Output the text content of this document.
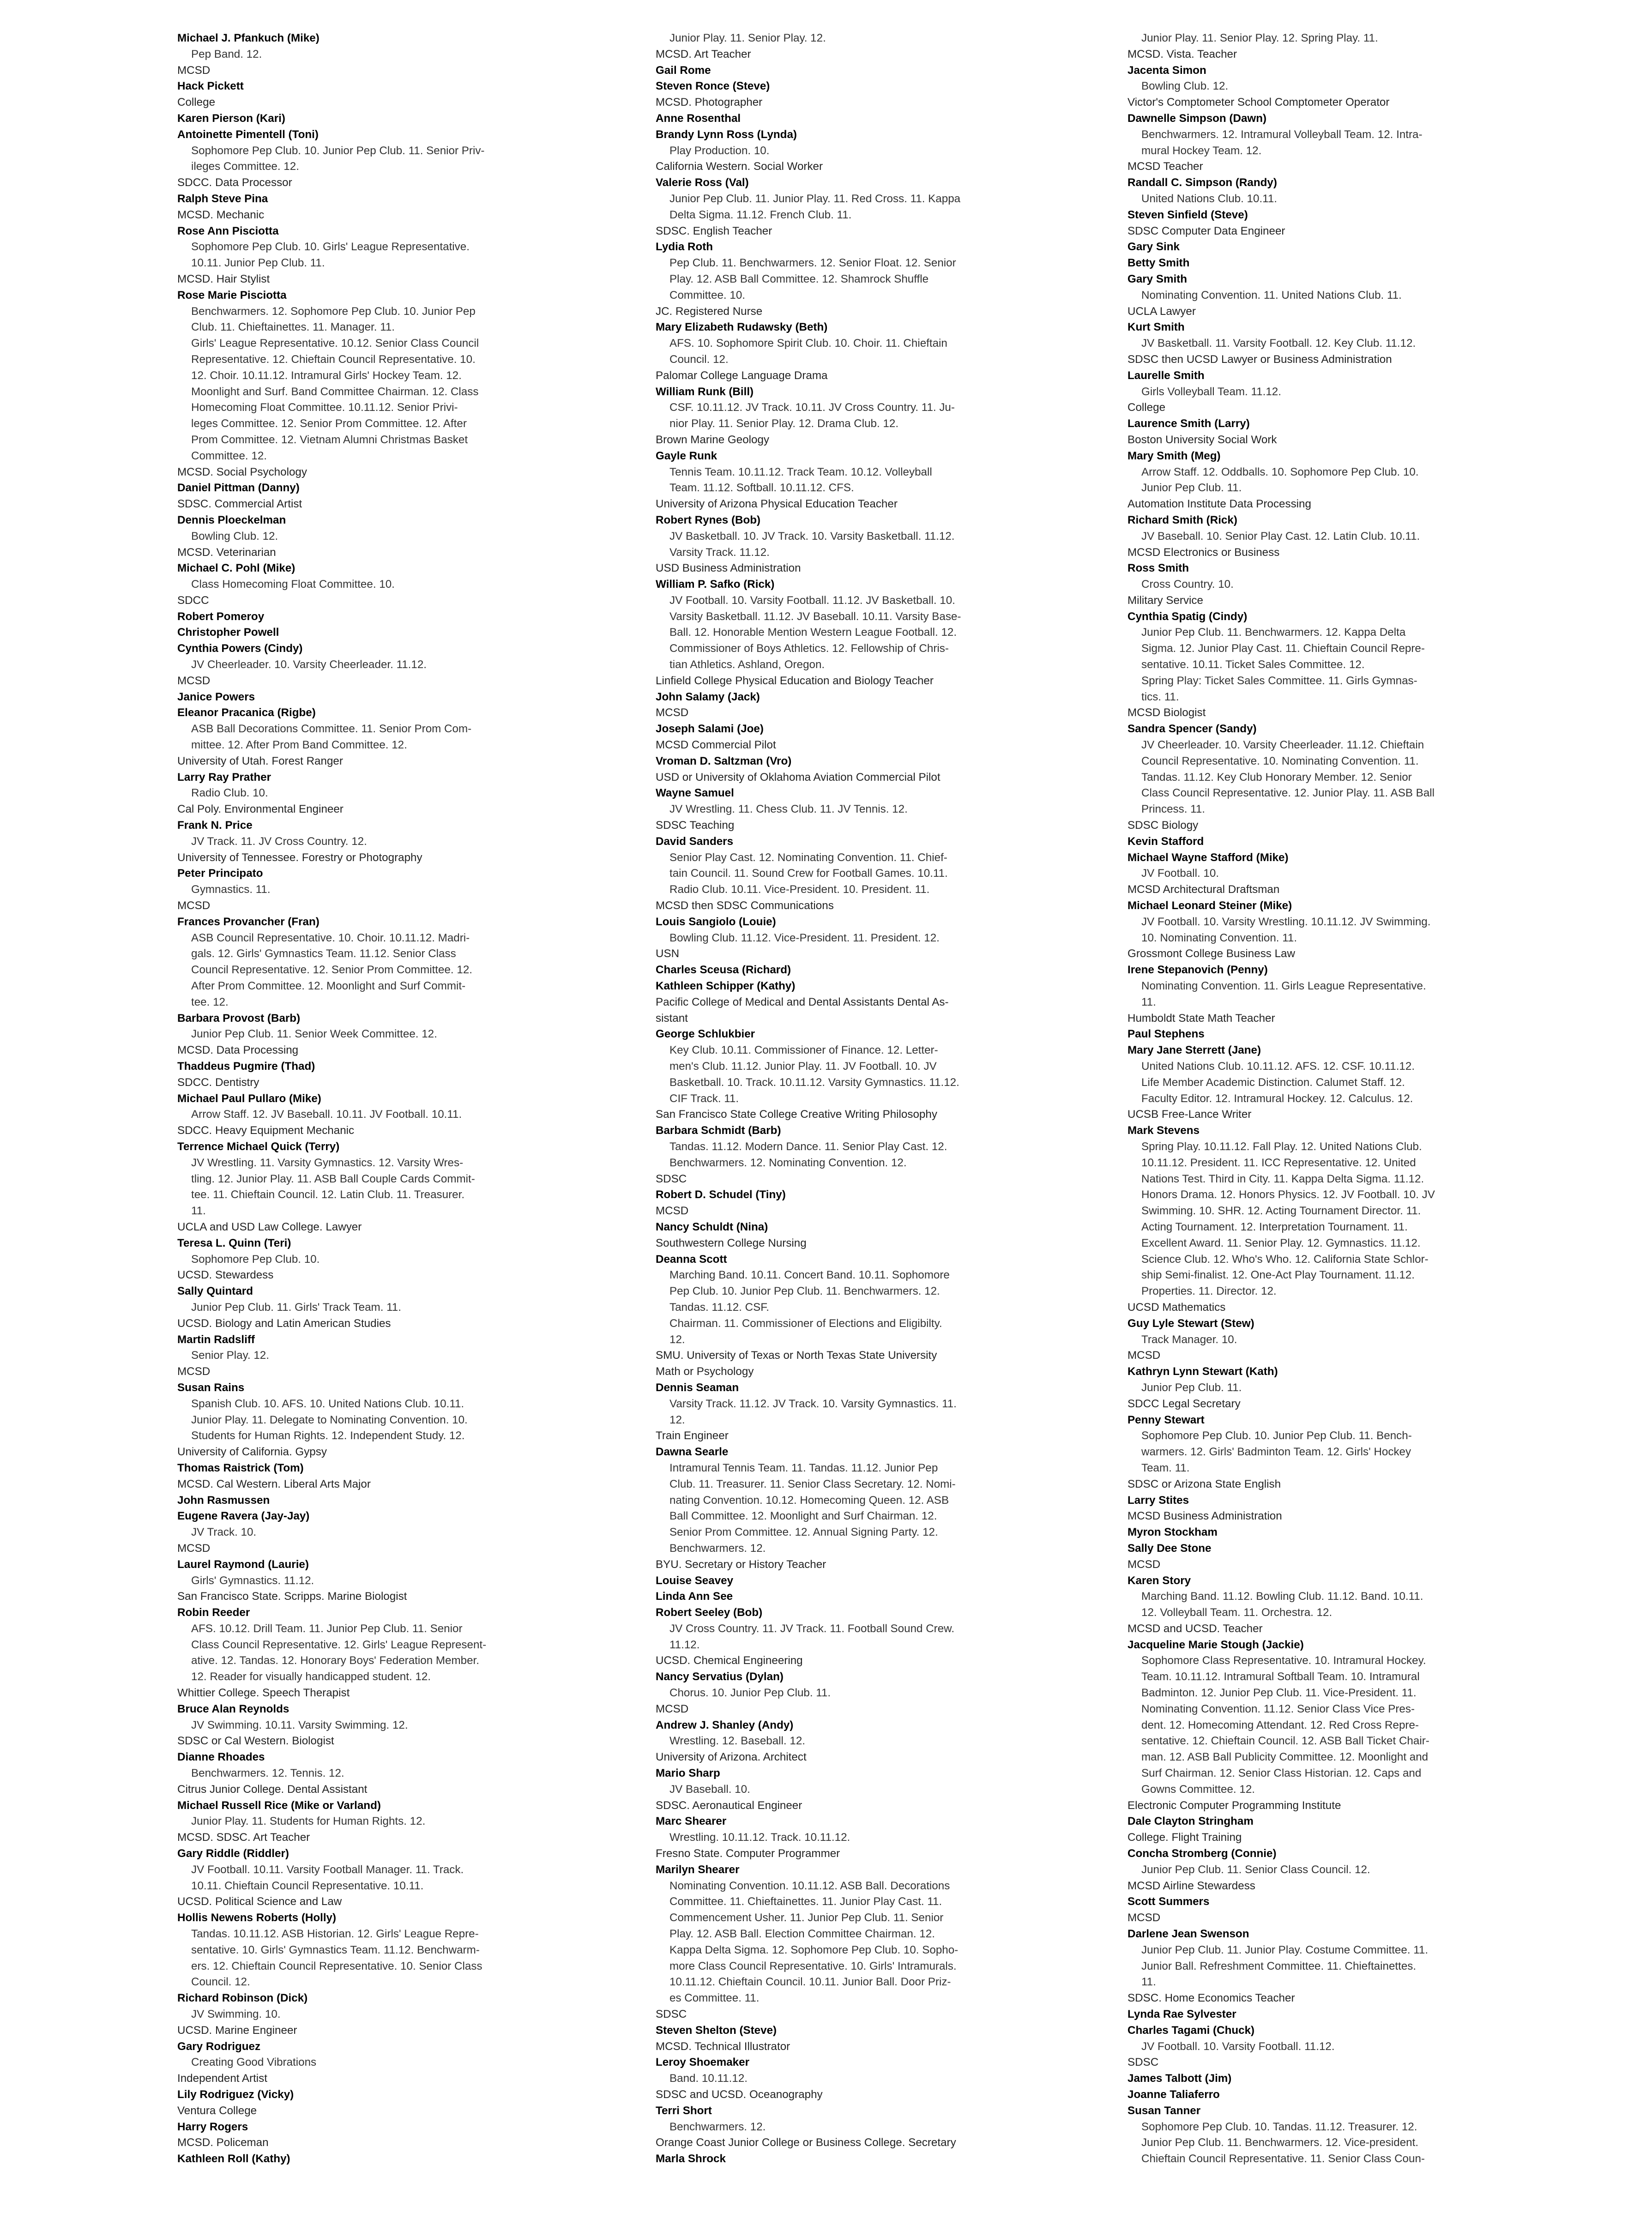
Michael J. Pfankuch (Mike)
Pep Band. 12.
MCSD
Hack Pickett
College
Karen Pierson (Kari)
Antoinette Pimentell (Toni)
Sophomore Pep Club. 10. Junior Pep Club. 11. Senior Priv-
ileges Committee. 12.
SDCC. Data Processor
Ralph Steve Pina
MCSD. Mechanic
Rose Ann Pisciotta
Sophomore Pep Club. 10. Girls' League Representative.
10.11. Junior Pep Club. 11.
MCSD. Hair Stylist
Rose Marie Pisciotta
Benchwarmers. 12. Sophomore Pep Club. 10. Junior Pep
Club. 11. Chieftainettes. 11. Manager. 11.
Girls' League Representative. 10.12. Senior Class Council
Representative. 12. Chieftain Council Representative. 10.
12. Choir. 10.11.12. Intramural Girls' Hockey Team. 12.
Moonlight and Surf. Band Committee Chairman. 12. Class
Homecoming Float Committee. 10.11.12. Senior Privi-
leges Committee. 12. Senior Prom Committee. 12. After
Prom Committee. 12. Vietnam Alumni Christmas Basket
Committee. 12.
MCSD. Social Psychology
Daniel Pittman (Danny)
SDSC. Commercial Artist
Dennis Ploeckelman
Bowling Club. 12.
MCSD. Veterinarian
Michael C. Pohl (Mike)
Class Homecoming Float Committee. 10.
SDCC
Robert Pomeroy
Christopher Powell
Cynthia Powers (Cindy)
JV Cheerleader. 10. Varsity Cheerleader. 11.12.
MCSD
Janice Powers
Eleanor Pracanica (Rigbe)
ASB Ball Decorations Committee. 11. Senior Prom Com-
mittee. 12. After Prom Band Committee. 12.
University of Utah. Forest Ranger
Larry Ray Prather
Radio Club. 10.
Cal Poly. Environmental Engineer
Frank N. Price
JV Track. 11. JV Cross Country. 12.
University of Tennessee. Forestry or Photography
Peter Principato
Gymnastics. 11.
MCSD
Frances Provancher (Fran)
ASB Council Representative. 10. Choir. 10.11.12. Madri-
gals. 12. Girls' Gymnastics Team. 11.12. Senior Class
Council Representative. 12. Senior Prom Committee. 12.
After Prom Committee. 12. Moonlight and Surf Commit-
tee. 12.
Barbara Provost (Barb)
Junior Pep Club. 11. Senior Week Committee. 12.
MCSD. Data Processing
Thaddeus Pugmire (Thad)
SDCC. Dentistry
Michael Paul Pullaro (Mike)
Arrow Staff. 12. JV Baseball. 10.11. JV Football. 10.11.
SDCC. Heavy Equipment Mechanic
Terrence Michael Quick (Terry)
JV Wrestling. 11. Varsity Gymnastics. 12. Varsity Wres-
tling. 12. Junior Play. 11. ASB Ball Couple Cards Commit-
tee. 11. Chieftain Council. 12. Latin Club. 11. Treasurer.
11.
UCLA and USD Law College. Lawyer
Teresa L. Quinn (Teri)
Sophomore Pep Club. 10.
UCSD. Stewardess
Sally Quintard
Junior Pep Club. 11. Girls' Track Team. 11.
UCSD. Biology and Latin American Studies
Martin Radsliff
Senior Play. 12.
MCSD
Susan Rains
Spanish Club. 10. AFS. 10. United Nations Club. 10.11.
Junior Play. 11. Delegate to Nominating Convention. 10.
Students for Human Rights. 12. Independent Study. 12.
University of California. Gypsy
Thomas Raistrick (Tom)
MCSD. Cal Western. Liberal Arts Major
John Rasmussen
Eugene Ravera (Jay-Jay)
JV Track. 10.
MCSD
Laurel Raymond (Laurie)
Girls' Gymnastics. 11.12.
San Francisco State. Scripps. Marine Biologist
Robin Reeder
AFS. 10.12. Drill Team. 11. Junior Pep Club. 11. Senior
Class Council Representative. 12. Girls' League Represent-
ative. 12. Tandas. 12. Honorary Boys' Federation Member.
12. Reader for visually handicapped student. 12.
Whittier College. Speech Therapist
Bruce Alan Reynolds
JV Swimming. 10.11. Varsity Swimming. 12.
SDSC or Cal Western. Biologist
Dianne Rhoades
Benchwarmers. 12. Tennis. 12.
Citrus Junior College. Dental Assistant
Michael Russell Rice (Mike or Varland)
Junior Play. 11. Students for Human Rights. 12.
MCSD. SDSC. Art Teacher
Gary Riddle (Riddler)
JV Football. 10.11. Varsity Football Manager. 11. Track.
10.11. Chieftain Council Representative. 10.11.
UCSD. Political Science and Law
Hollis Newens Roberts (Holly)
Tandas. 10.11.12. ASB Historian. 12. Girls' League Repre-
sentative. 10. Girls' Gymnastics Team. 11.12. Benchwarm-
ers. 12. Chieftain Council Representative. 10. Senior Class
Council. 12.
Richard Robinson (Dick)
JV Swimming. 10.
UCSD. Marine Engineer
Gary Rodriguez
Creating Good Vibrations
Independent Artist
Lily Rodriguez (Vicky)
Ventura College
Harry Rogers
MCSD. Policeman
Kathleen Roll (Kathy)
Junior Play. 11. Senior Play. 12.
MCSD. Art Teacher
Gail Rome
Steven Ronce (Steve)
MCSD. Photographer
Anne Rosenthal
Brandy Lynn Ross (Lynda)
Play Production. 10.
California Western. Social Worker
Valerie Ross (Val)
Junior Pep Club. 11. Junior Play. 11. Red Cross. 11. Kappa
Delta Sigma. 11.12. French Club. 11.
SDSC. English Teacher
Lydia Roth
Pep Club. 11. Benchwarmers. 12. Senior Float. 12. Senior
Play. 12. ASB Ball Committee. 12. Shamrock Shuffle
Committee. 10.
JC. Registered Nurse
Mary Elizabeth Rudawsky (Beth)
AFS. 10. Sophomore Spirit Club. 10. Choir. 11. Chieftain
Council. 12.
Palomar College Language Drama
William Runk (Bill)
CSF. 10.11.12. JV Track. 10.11. JV Cross Country. 11. Ju-
nior Play. 11. Senior Play. 12. Drama Club. 12.
Brown Marine Geology
Gayle Runk
Tennis Team. 10.11.12. Track Team. 10.12. Volleyball
Team. 11.12. Softball. 10.11.12. CFS.
University of Arizona Physical Education Teacher
Robert Rynes (Bob)
JV Basketball. 10. JV Track. 10. Varsity Basketball. 11.12.
Varsity Track. 11.12.
USD Business Administration
William P. Safko (Rick)
JV Football. 10. Varsity Football. 11.12. JV Basketball. 10.
Varsity Basketball. 11.12. JV Baseball. 10.11. Varsity Base-
Ball. 12. Honorable Mention Western League Football. 12.
Commissioner of Boys Athletics. 12. Fellowship of Chris-
tian Athletics. Ashland, Oregon.
Linfield College Physical Education and Biology Teacher
John Salamy (Jack)
MCSD
Joseph Salami (Joe)
MCSD Commercial Pilot
Vroman D. Saltzman (Vro)
USD or University of Oklahoma Aviation Commercial Pilot
Wayne Samuel
JV Wrestling. 11. Chess Club. 11. JV Tennis. 12.
SDSC Teaching
David Sanders
Senior Play Cast. 12. Nominating Convention. 11. Chief-
tain Council. 11. Sound Crew for Football Games. 10.11.
Radio Club. 10.11. Vice-President. 10. President. 11.
MCSD then SDSC Communications
Louis Sangiolo (Louie)
Bowling Club. 11.12. Vice-President. 11. President. 12.
USN
Charles Sceusa (Richard)
Kathleen Schipper (Kathy)
Pacific College of Medical and Dental Assistants Dental As-
sistant
George Schlukbier
Key Club. 10.11. Commissioner of Finance. 12. Letter-
men's Club. 11.12. Junior Play. 11. JV Football. 10. JV
Basketball. 10. Track. 10.11.12. Varsity Gymnastics. 11.12.
CIF Track. 11.
San Francisco State College Creative Writing Philosophy
Barbara Schmidt (Barb)
Tandas. 11.12. Modern Dance. 11. Senior Play Cast. 12.
Benchwarmers. 12. Nominating Convention. 12.
SDSC
Robert D. Schudel (Tiny)
MCSD
Nancy Schuldt (Nina)
Southwestern College Nursing
Deanna Scott
Marching Band. 10.11. Concert Band. 10.11. Sophomore
Pep Club. 10. Junior Pep Club. 11. Benchwarmers. 12.
Tandas. 11.12. CSF.
Chairman. 11. Commissioner of Elections and Eligibilty.
12.
SMU. University of Texas or North Texas State University
Math or Psychology
Dennis Seaman
Varsity Track. 11.12. JV Track. 10. Varsity Gymnastics. 11.
12.
Train Engineer
Dawna Searle
Intramural Tennis Team. 11. Tandas. 11.12. Junior Pep
Club. 11. Treasurer. 11. Senior Class Secretary. 12. Nomi-
nating Convention. 10.12. Homecoming Queen. 12. ASB
Ball Committee. 12. Moonlight and Surf Chairman. 12.
Senior Prom Committee. 12. Annual Signing Party. 12.
Benchwarmers. 12.
BYU. Secretary or History Teacher
Louise Seavey
Linda Ann See
Robert Seeley (Bob)
JV Cross Country. 11. JV Track. 11. Football Sound Crew.
11.12.
UCSD. Chemical Engineering
Nancy Servatius (Dylan)
Chorus. 10. Junior Pep Club. 11.
MCSD
Andrew J. Shanley (Andy)
Wrestling. 12. Baseball. 12.
University of Arizona. Architect
Mario Sharp
JV Baseball. 10.
SDSC. Aeronautical Engineer
Marc Shearer
Wrestling. 10.11.12. Track. 10.11.12.
Fresno State. Computer Programmer
Marilyn Shearer
Nominating Convention. 10.11.12. ASB Ball. Decorations
Committee. 11. Chieftainettes. 11. Junior Play Cast. 11.
Commencement Usher. 11. Junior Pep Club. 11. Senior
Play. 12. ASB Ball. Election Committee Chairman. 12.
Kappa Delta Sigma. 12. Sophomore Pep Club. 10. Sopho-
more Class Council Representative. 10. Girls' Intramurals.
10.11.12. Chieftain Council. 10.11. Junior Ball. Door Priz-
es Committee. 11.
SDSC
Steven Shelton (Steve)
MCSD. Technical Illustrator
Leroy Shoemaker
Band. 10.11.12.
SDSC and UCSD. Oceanography
Terri Short
Benchwarmers. 12.
Orange Coast Junior College or Business College. Secretary
Marla Shrock
Junior Play. 11. Senior Play. 12. Spring Play. 11.
MCSD. Vista. Teacher
Jacenta Simon
Bowling Club. 12.
Victor's Comptometer School Comptometer Operator
Dawnelle Simpson (Dawn)
Benchwarmers. 12. Intramural Volleyball Team. 12. Intra-
mural Hockey Team. 12.
MCSD Teacher
Randall C. Simpson (Randy)
United Nations Club. 10.11.
Steven Sinfield (Steve)
SDSC Computer Data Engineer
Gary Sink
Betty Smith
Gary Smith
Nominating Convention. 11. United Nations Club. 11.
UCLA Lawyer
Kurt Smith
JV Basketball. 11. Varsity Football. 12. Key Club. 11.12.
SDSC then UCSD Lawyer or Business Administration
Laurelle Smith
Girls Volleyball Team. 11.12.
College
Laurence Smith (Larry)
Boston University Social Work
Mary Smith (Meg)
Arrow Staff. 12. Oddballs. 10. Sophomore Pep Club. 10.
Junior Pep Club. 11.
Automation Institute Data Processing
Richard Smith (Rick)
JV Baseball. 10. Senior Play Cast. 12. Latin Club. 10.11.
MCSD Electronics or Business
Ross Smith
Cross Country. 10.
Military Service
Cynthia Spatig (Cindy)
Junior Pep Club. 11. Benchwarmers. 12. Kappa Delta
Sigma. 12. Junior Play Cast. 11. Chieftain Council Repre-
sentative. 10.11. Ticket Sales Committee. 12.
Spring Play: Ticket Sales Committee. 11. Girls Gymnas-
tics. 11.
MCSD Biologist
Sandra Spencer (Sandy)
JV Cheerleader. 10. Varsity Cheerleader. 11.12. Chieftain
Council Representative. 10. Nominating Convention. 11.
Tandas. 11.12. Key Club Honorary Member. 12. Senior
Class Council Representative. 12. Junior Play. 11. ASB Ball
Princess. 11.
SDSC Biology
Kevin Stafford
Michael Wayne Stafford (Mike)
JV Football. 10.
MCSD Architectural Draftsman
Michael Leonard Steiner (Mike)
JV Football. 10. Varsity Wrestling. 10.11.12. JV Swimming.
10. Nominating Convention. 11.
Grossmont College Business Law
Irene Stepanovich (Penny)
Nominating Convention. 11. Girls League Representative.
11.
Humboldt State Math Teacher
Paul Stephens
Mary Jane Sterrett (Jane)
United Nations Club. 10.11.12. AFS. 12. CSF. 10.11.12.
Life Member Academic Distinction. Calumet Staff. 12.
Faculty Editor. 12. Intramural Hockey. 12. Calculus. 12.
UCSB Free-Lance Writer
Mark Stevens
Spring Play. 10.11.12. Fall Play. 12. United Nations Club.
10.11.12. President. 11. ICC Representative. 12. United
Nations Test. Third in City. 11. Kappa Delta Sigma. 11.12.
Honors Drama. 12. Honors Physics. 12. JV Football. 10. JV
Swimming. 10. SHR. 12. Acting Tournament Director. 11.
Acting Tournament. 12. Interpretation Tournament. 11.
Excellent Award. 11. Senior Play. 12. Gymnastics. 11.12.
Science Club. 12. Who's Who. 12. California State Schlor-
ship Semi-finalist. 12. One-Act Play Tournament. 11.12.
Properties. 11. Director. 12.
UCSD Mathematics
Guy Lyle Stewart (Stew)
Track Manager. 10.
MCSD
Kathryn Lynn Stewart (Kath)
Junior Pep Club. 11.
SDCC Legal Secretary
Penny Stewart
Sophomore Pep Club. 10. Junior Pep Club. 11. Bench-
warmers. 12. Girls' Badminton Team. 12. Girls' Hockey
Team. 11.
SDSC or Arizona State English
Larry Stites
MCSD Business Administration
Myron Stockham
Sally Dee Stone
MCSD
Karen Story
Marching Band. 11.12. Bowling Club. 11.12. Band. 10.11.
12. Volleyball Team. 11. Orchestra. 12.
MCSD and UCSD. Teacher
Jacqueline Marie Stough (Jackie)
Sophomore Class Representative. 10. Intramural Hockey.
Team. 10.11.12. Intramural Softball Team. 10. Intramural
Badminton. 12. Junior Pep Club. 11. Vice-President. 11.
Nominating Convention. 11.12. Senior Class Vice Pres-
dent. 12. Homecoming Attendant. 12. Red Cross Repre-
sentative. 12. Chieftain Council. 12. ASB Ball Ticket Chair-
man. 12. ASB Ball Publicity Committee. 12. Moonlight and
Surf Chairman. 12. Senior Class Historian. 12. Caps and
Gowns Committee. 12.
Electronic Computer Programming Institute
Dale Clayton Stringham
College. Flight Training
Concha Stromberg (Connie)
Junior Pep Club. 11. Senior Class Council. 12.
MCSD Airline Stewardess
Scott Summers
MCSD
Darlene Jean Swenson
Junior Pep Club. 11. Junior Play. Costume Committee. 11.
Junior Ball. Refreshment Committee. 11. Chieftainettes.
11.
SDSC. Home Economics Teacher
Lynda Rae Sylvester
Charles Tagami (Chuck)
JV Football. 10. Varsity Football. 11.12.
SDSC
James Talbott (Jim)
Joanne Taliaferro
Susan Tanner
Sophomore Pep Club. 10. Tandas. 11.12. Treasurer. 12.
Junior Pep Club. 11. Benchwarmers. 12. Vice-president.
Chieftain Council Representative. 11. Senior Class Coun-
